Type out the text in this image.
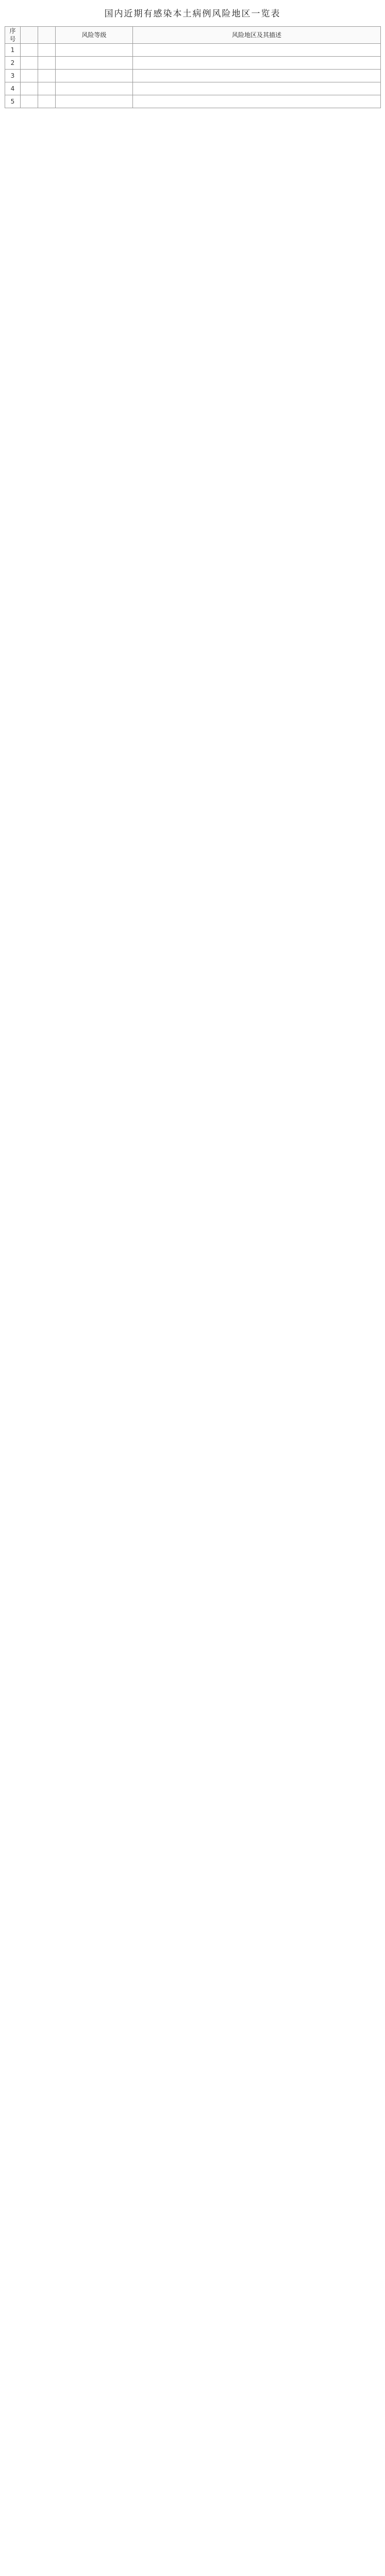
国内近期有感染本土病例风险地区一览表
序号			风险等级	风险地区及其描述
1				
2				
3				
4				
5				
